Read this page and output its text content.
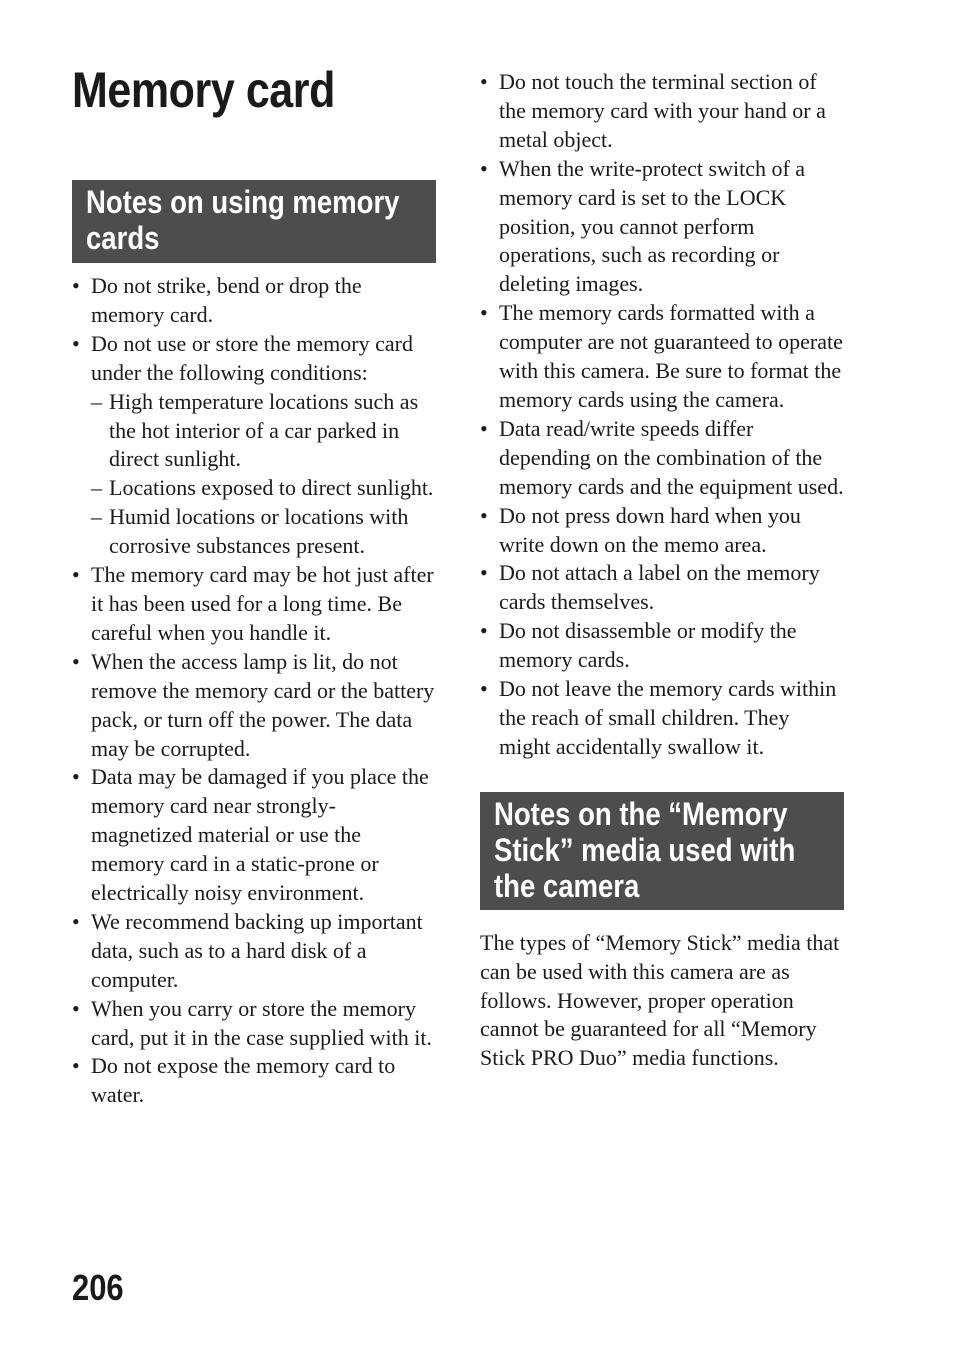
Memory card
Notes on using memory cards
• Do not strike, bend or drop the memory card.
• Do not use or store the memory card under the following conditions:
– High temperature locations such as the hot interior of a car parked in direct sunlight.
– Locations exposed to direct sunlight.
– Humid locations or locations with corrosive substances present.
• The memory card may be hot just after it has been used for a long time. Be careful when you handle it.
• When the access lamp is lit, do not remove the memory card or the battery pack, or turn off the power. The data may be corrupted.
• Data may be damaged if you place the memory card near strongly-magnetized material or use the memory card in a static-prone or electrically noisy environment.
• We recommend backing up important data, such as to a hard disk of a computer.
• When you carry or store the memory card, put it in the case supplied with it.
• Do not expose the memory card to water.
• Do not touch the terminal section of the memory card with your hand or a metal object.
• When the write-protect switch of a memory card is set to the LOCK position, you cannot perform operations, such as recording or deleting images.
• The memory cards formatted with a computer are not guaranteed to operate with this camera. Be sure to format the memory cards using the camera.
• Data read/write speeds differ depending on the combination of the memory cards and the equipment used.
• Do not press down hard when you write down on the memo area.
• Do not attach a label on the memory cards themselves.
• Do not disassemble or modify the memory cards.
• Do not leave the memory cards within the reach of small children. They might accidentally swallow it.
Notes on the “Memory Stick” media used with the camera

The types of “Memory Stick” media that can be used with this camera are as follows. However, proper operation cannot be guaranteed for all “Memory Stick PRO Duo” media functions.

206
